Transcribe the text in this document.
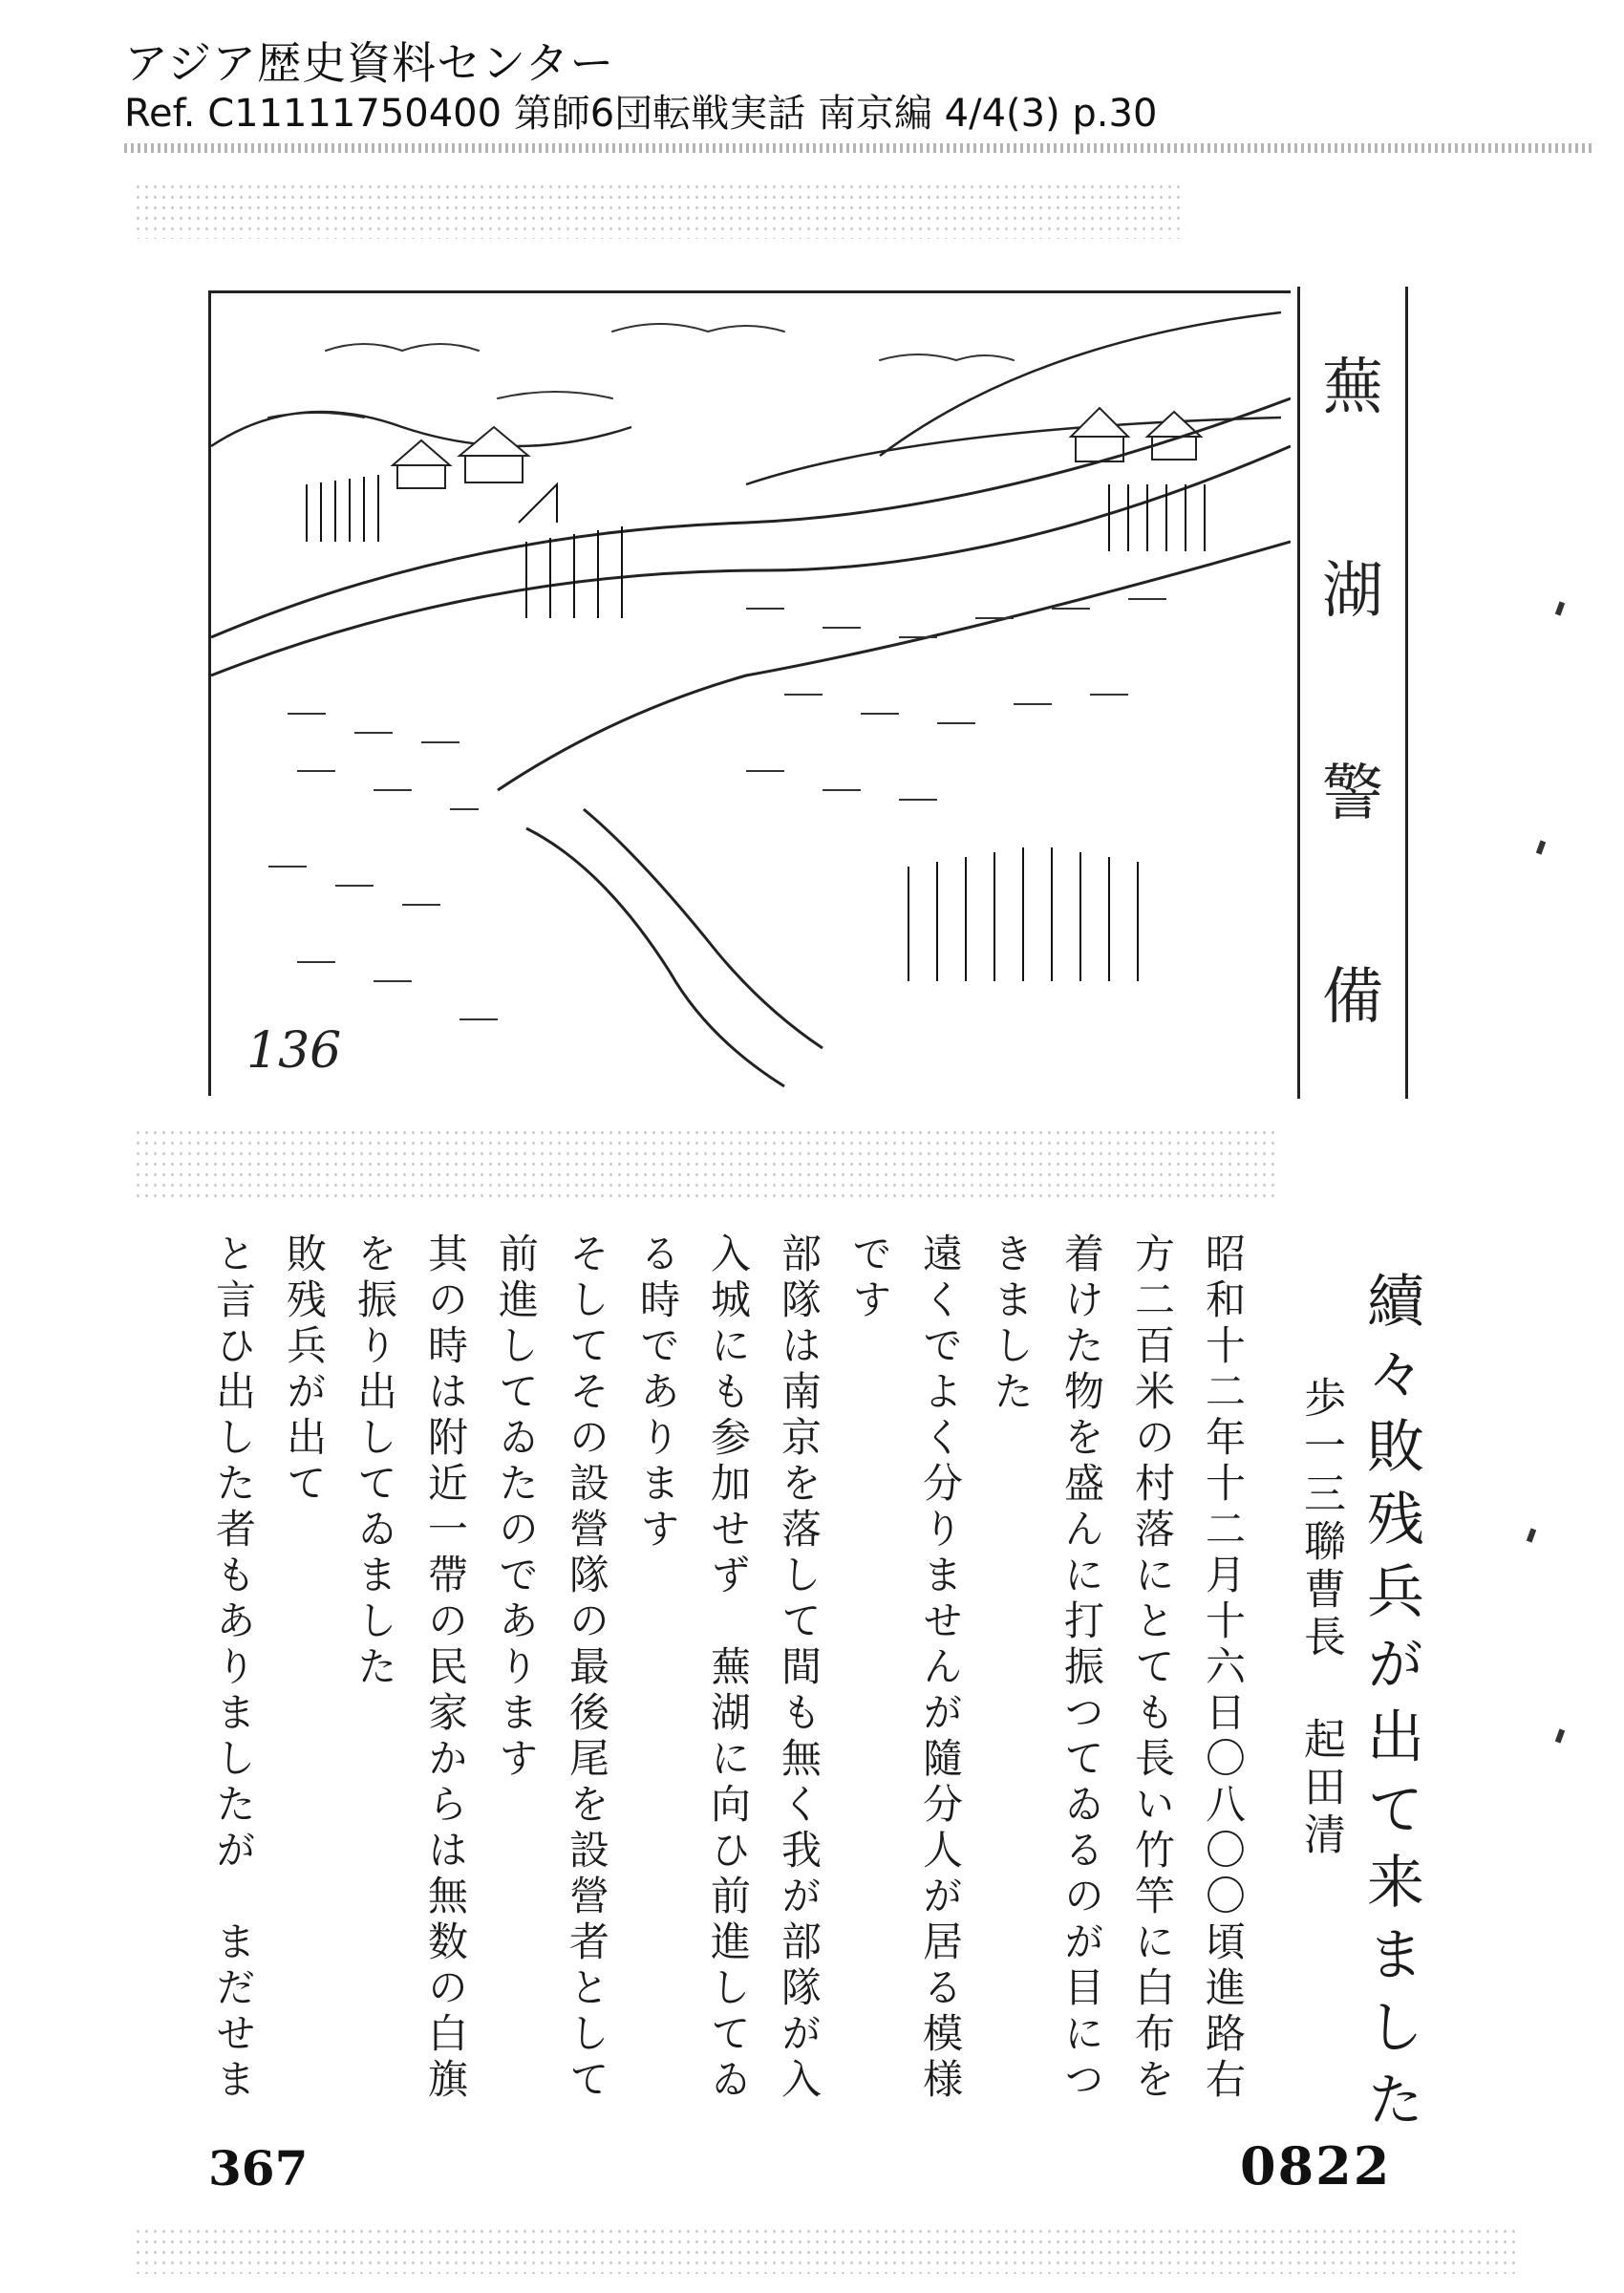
アジア歴史資料センター
Ref. C11111750400 第師6団転戦実話 南京編 4/4(3) p.30
蕪
湖
警
備
136
續々敗残兵が出て来ました
歩一三聯曹長 起田清
昭和十二年十二月十六日〇八〇〇頃進路右
方二百米の村落にとても長い竹竿に白布を
着けた物を盛んに打振つてゐるのが目につ
きました
遠くでよく分りませんが隨分人が居る模様
です
部隊は南京を落して間も無く我が部隊が入
入城にも参加せず　蕪湖に向ひ前進してゐ
る時であります
そしてその設營隊の最後尾を設營者として
前進してゐたのであります
其の時は附近一帶の民家からは無数の白旗
を振り出してゐました
敗残兵が出て
と言ひ出した者もありましたが　まだせま
367	0822
